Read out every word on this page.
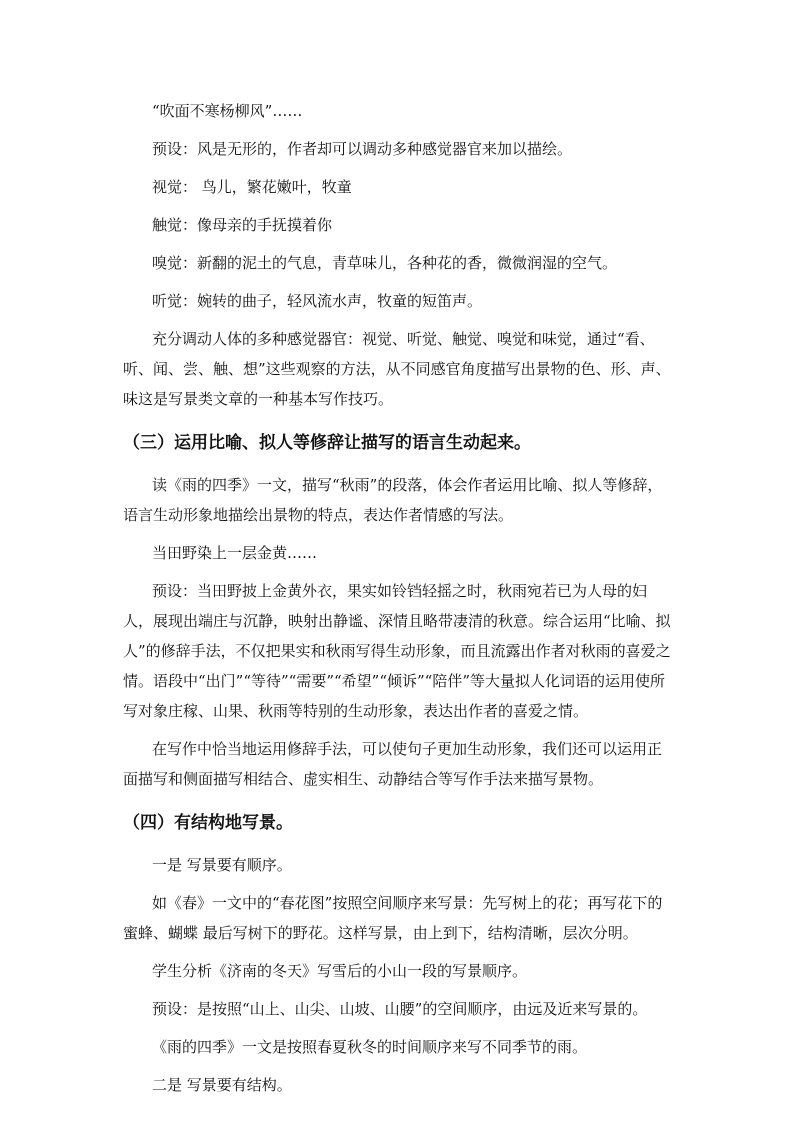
“吹面不寒杨柳风”……

预设：风是无形的，作者却可以调动多种感觉器官来加以描绘。

视觉： 鸟儿，繁花嫩叶，牧童

触觉：像母亲的手抚摸着你

嗅觉：新翻的泥土的气息，青草味儿，各种花的香，微微润湿的空气。

听觉：婉转的曲子，轻风流水声，牧童的短笛声。

充分调动人体的多种感觉器官：视觉、听觉、触觉、嗅觉和味觉，通过“看、听、闻、尝、触、想”这些观察的方法，从不同感官角度描写出景物的色、形、声、味这是写景类文章的一种基本写作技巧。

（三）运用比喻、拟人等修辞让描写的语言生动起来。

读《雨的四季》一文，描写“秋雨”的段落，体会作者运用比喻、拟人等修辞，语言生动形象地描绘出景物的特点，表达作者情感的写法。

当田野染上一层金黄……

预设：当田野披上金黄外衣，果实如铃铛轻摇之时，秋雨宛若已为人母的妇人，展现出端庄与沉静，映射出静谧、深情且略带凄清的秋意。综合运用“比喻、拟人”的修辞手法，不仅把果实和秋雨写得生动形象，而且流露出作者对秋雨的喜爱之情。语段中“出门”“等待”“需要”“希望”“倾诉”“陪伴”等大量拟人化词语的运用使所写对象庄稼、山果、秋雨等特别的生动形象，表达出作者的喜爱之情。

在写作中恰当地运用修辞手法，可以使句子更加生动形象，我们还可以运用正面描写和侧面描写相结合、虚实相生、动静结合等写作手法来描写景物。

（四）有结构地写景。

一是 写景要有顺序。

如《春》一文中的“春花图”按照空间顺序来写景：先写树上的花；再写花下的蜜蜂、蝴蝶 最后写树下的野花。这样写景，由上到下，结构清晰，层次分明。

学生分析《济南的冬天》写雪后的小山一段的写景顺序。

预设：是按照“山上、山尖、山坡、山腰”的空间顺序，由远及近来写景的。

《雨的四季》一文是按照春夏秋冬的时间顺序来写不同季节的雨。

二是 写景要有结构。
